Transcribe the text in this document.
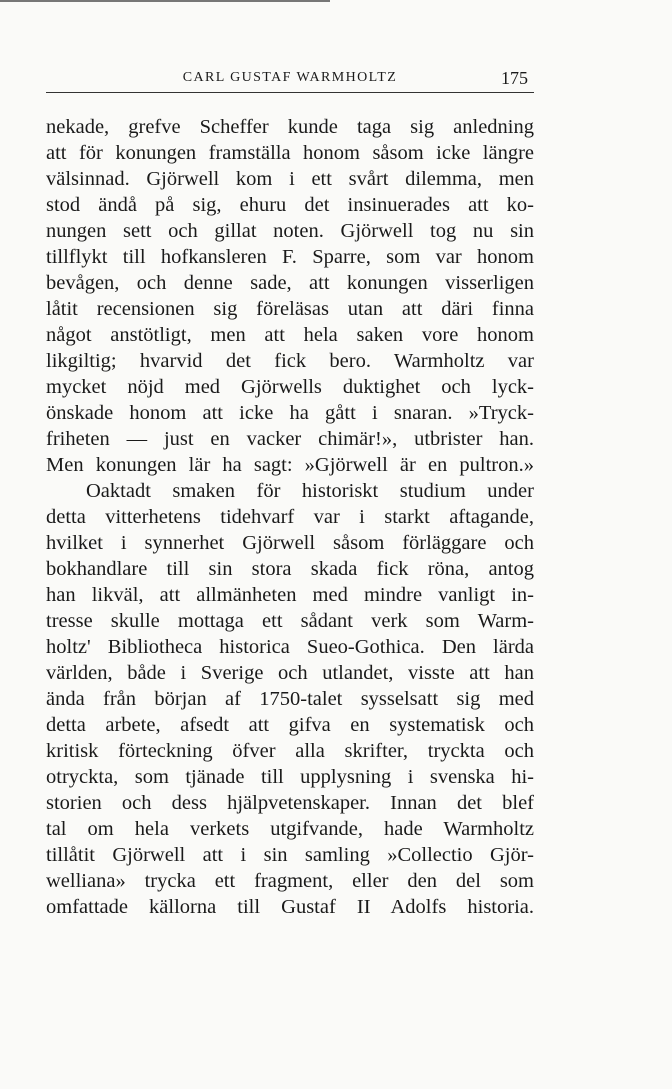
CARL GUSTAF WARMHOLTZ	175
nekade, grefve Scheffer kunde taga sig anledning
att för konungen framställa honom såsom icke längre
välsinnad. Gjörwell kom i ett svårt dilemma, men
stod ändå på sig, ehuru det insinuerades att ko-
nungen sett och gillat noten. Gjörwell tog nu sin
tillflykt till hofkansleren F. Sparre, som var honom
bevågen, och denne sade, att konungen visserligen
låtit recensionen sig föreläsas utan att däri finna
något anstötligt, men att hela saken vore honom
likgiltig; hvarvid det fick bero. Warmholtz var
mycket nöjd med Gjörwells duktighet och lyck-
önskade honom att icke ha gått i snaran. »Tryck-
friheten — just en vacker chimär!», utbrister han.
Men konungen lär ha sagt: »Gjörwell är en pultron.»
Oaktadt smaken för historiskt studium under
detta vitterhetens tidehvarf var i starkt aftagande,
hvilket i synnerhet Gjörwell såsom förläggare och
bokhandlare till sin stora skada fick röna, antog
han likväl, att allmänheten med mindre vanligt in-
tresse skulle mottaga ett sådant verk som Warm-
holtz' Bibliotheca historica Sueo-Gothica. Den lärda
världen, både i Sverige och utlandet, visste att han
ända från början af 1750-talet sysselsatt sig med
detta arbete, afsedt att gifva en systematisk och
kritisk förteckning öfver alla skrifter, tryckta och
otryckta, som tjänade till upplysning i svenska hi-
storien och dess hjälpvetenskaper. Innan det blef
tal om hela verkets utgifvande, hade Warmholtz
tillåtit Gjörwell att i sin samling »Collectio Gjör-
welliana» trycka ett fragment, eller den del som
omfattade källorna till Gustaf II Adolfs historia.
